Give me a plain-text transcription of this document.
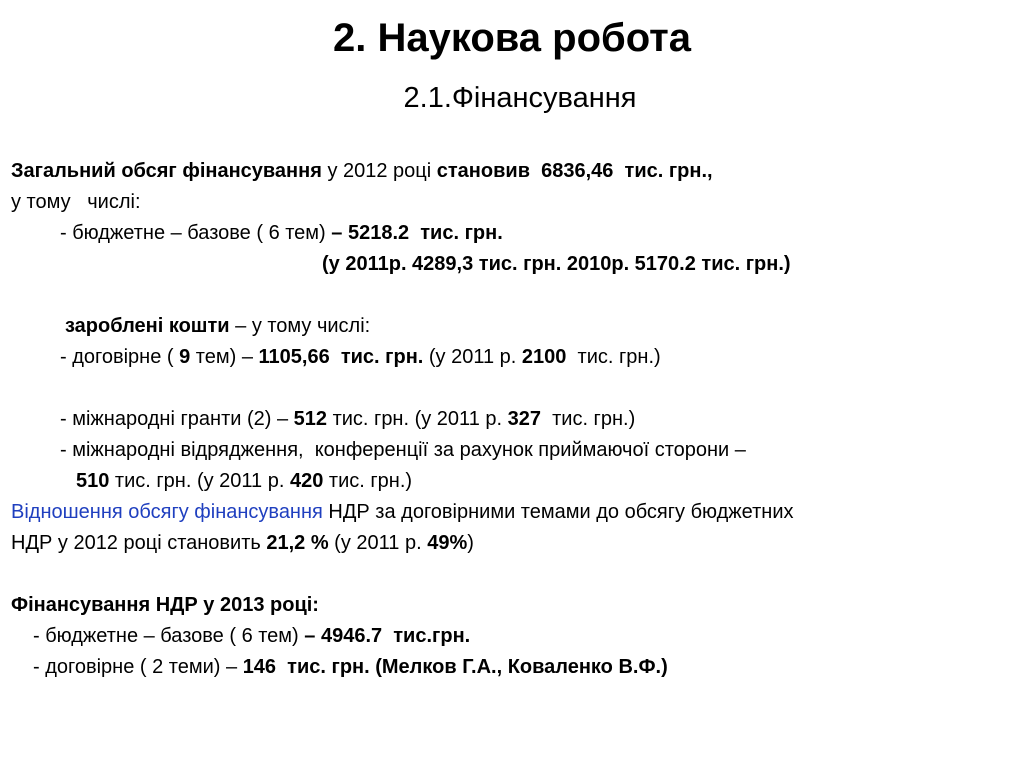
2. Наукова робота
2.1.Фінансування
Загальний обсяг фінансування у 2012 році становив  6836,46  тис. грн.,
у тому   числі:
- бюджетне – базове ( 6 тем) – 5218.2  тис. грн.
(у 2011р. 4289,3 тис. грн. 2010р. 5170.2 тис. грн.)
зароблені кошти – у тому числі:
- договірне ( 9 тем) – 1105,66  тис. грн. (у 2011 р. 2100  тис. грн.)
- міжнародні гранти (2) – 512 тис. грн. (у 2011 р. 327  тис. грн.)
- міжнародні відрядження,  конференції за рахунок приймаючої сторони –
510 тис. грн. (у 2011 р. 420 тис. грн.)
Відношення обсягу фінансування НДР за договірними темами до обсягу бюджетних
НДР у 2012 році становить 21,2 % (у 2011 р. 49%)
Фінансування НДР у 2013 році:
- бюджетне – базове ( 6 тем) – 4946.7  тис.грн.
- договірне ( 2 теми) – 146  тис. грн. (Мелков Г.А., Коваленко В.Ф.)
